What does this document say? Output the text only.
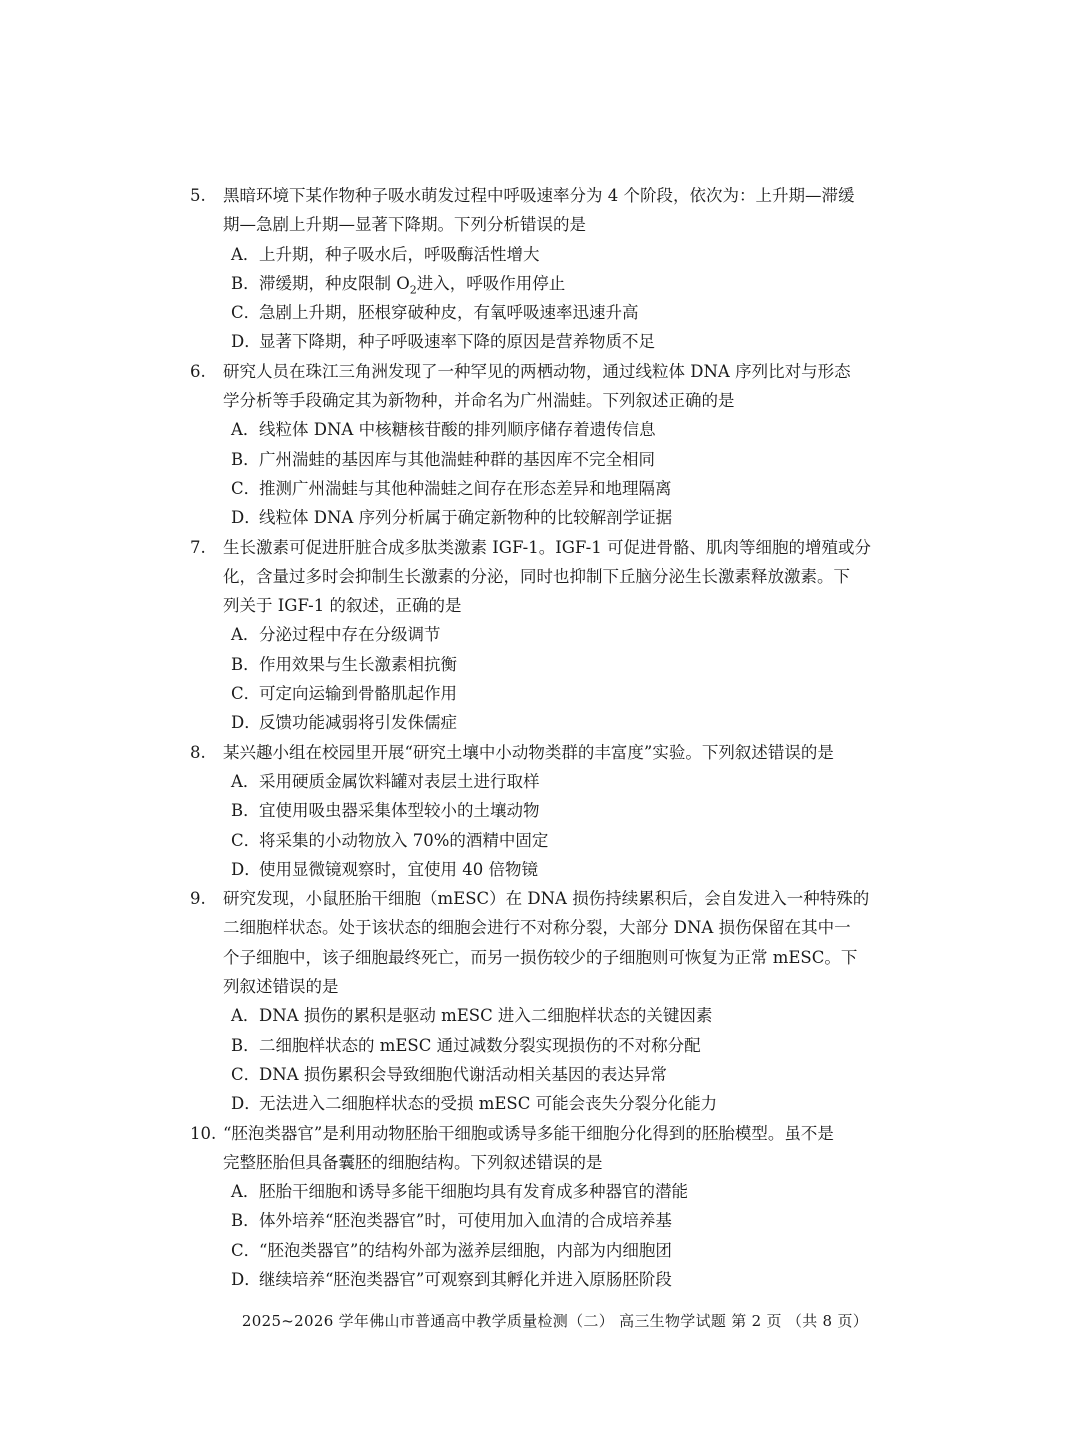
5. 黑暗环境下某作物种子吸水萌发过程中呼吸速率分为 4 个阶段，依次为：上升期—滞缓
期—急剧上升期—显著下降期。下列分析错误的是
A．上升期，种子吸水后，呼吸酶活性增大
B．滞缓期，种皮限制 $O_2$进入，呼吸作用停止
C．急剧上升期，胚根穿破种皮，有氧呼吸速率迅速升高
D．显著下降期，种子呼吸速率下降的原因是营养物质不足
6. 研究人员在珠江三角洲发现了一种罕见的两栖动物，通过线粒体 DNA 序列比对与形态
学分析等手段确定其为新物种，并命名为广州湍蛙。下列叙述正确的是
A．线粒体 DNA 中核糖核苷酸的排列顺序储存着遗传信息
B．广州湍蛙的基因库与其他湍蛙种群的基因库不完全相同
C．推测广州湍蛙与其他种湍蛙之间存在形态差异和地理隔离
D．线粒体 DNA 序列分析属于确定新物种的比较解剖学证据
7. 生长激素可促进肝脏合成多肽类激素 IGF-1。IGF-1 可促进骨骼、肌肉等细胞的增殖或分
化，含量过多时会抑制生长激素的分泌，同时也抑制下丘脑分泌生长激素释放激素。下
列关于 IGF-1 的叙述，正确的是
A．分泌过程中存在分级调节
B．作用效果与生长激素相抗衡
C．可定向运输到骨骼肌起作用
D．反馈功能减弱将引发侏儒症
8. 某兴趣小组在校园里开展“研究土壤中小动物类群的丰富度”实验。下列叙述错误的是
A．采用硬质金属饮料罐对表层土进行取样
B．宜使用吸虫器采集体型较小的土壤动物
C．将采集的小动物放入 70%的酒精中固定
D．使用显微镜观察时，宜使用 40 倍物镜
9. 研究发现，小鼠胚胎干细胞（mESC）在 DNA 损伤持续累积后，会自发进入一种特殊的
二细胞样状态。处于该状态的细胞会进行不对称分裂，大部分 DNA 损伤保留在其中一
个子细胞中，该子细胞最终死亡，而另一损伤较少的子细胞则可恢复为正常 mESC。下
列叙述错误的是
A．DNA 损伤的累积是驱动 mESC 进入二细胞样状态的关键因素
B．二细胞样状态的 mESC 通过减数分裂实现损伤的不对称分配
C．DNA 损伤累积会导致细胞代谢活动相关基因的表达异常
D．无法进入二细胞样状态的受损 mESC 可能会丧失分裂分化能力
10. “胚泡类器官”是利用动物胚胎干细胞或诱导多能干细胞分化得到的胚胎模型。虽不是
完整胚胎但具备囊胚的细胞结构。下列叙述错误的是
A．胚胎干细胞和诱导多能干细胞均具有发育成多种器官的潜能
B．体外培养“胚泡类器官”时，可使用加入血清的合成培养基
C．“胚泡类器官”的结构外部为滋养层细胞，内部为内细胞团
D．继续培养“胚泡类器官”可观察到其孵化并进入原肠胚阶段
2025~2026 学年佛山市普通高中教学质量检测（二） 高三生物学试题 第 2 页 （共 8 页）
